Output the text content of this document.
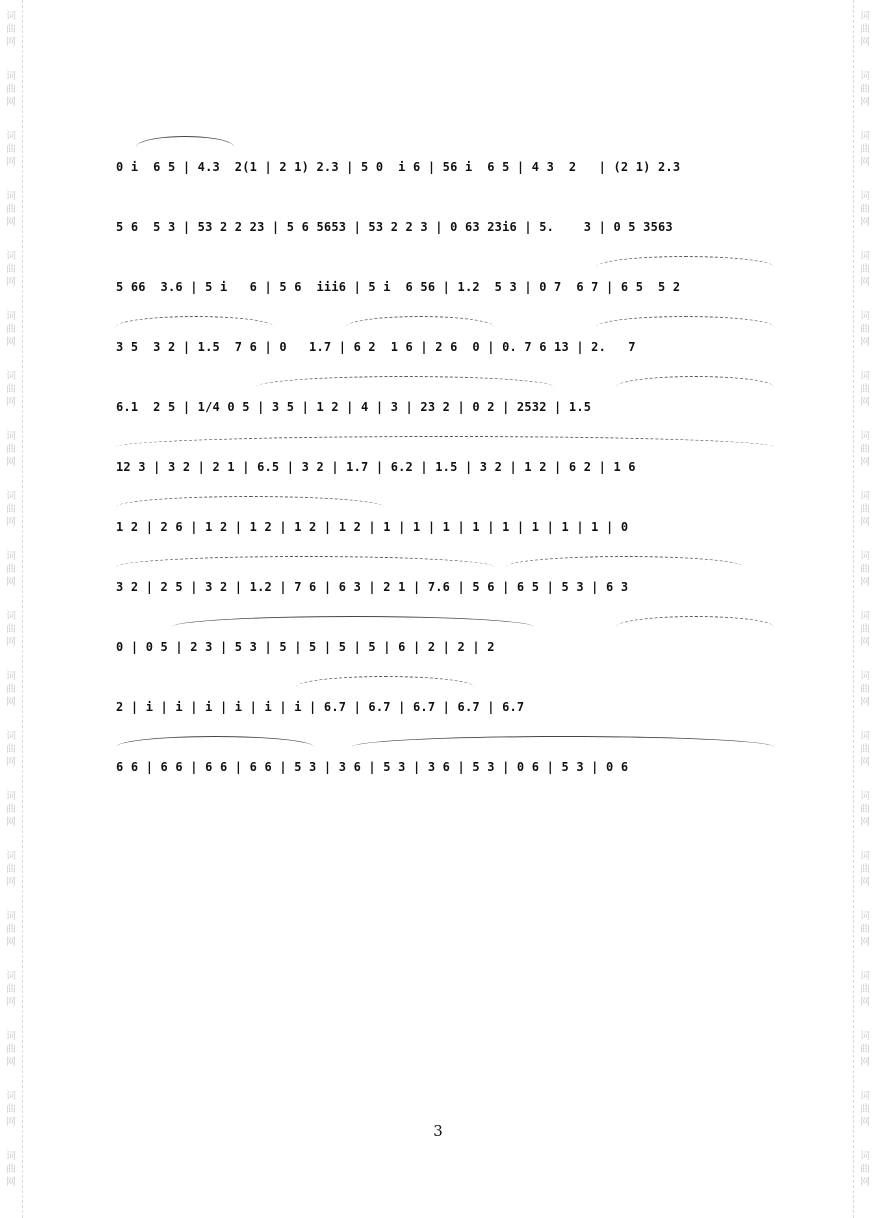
词
曲
网
词
曲
网
词
曲
网
词
曲
网
词
曲
网
词
曲
网
词
曲
网
词
曲
网
词
曲
网
词
曲
网
词
曲
网
词
曲
网
词
曲
网
词
曲
网
词
曲
网
词
曲
网
词
曲
网
词
曲
网
词
曲
网
词
曲
网
词
曲
网
词
曲
网
词
曲
网
词
曲
网
词
曲
网
词
曲
网
词
曲
网
词
曲
网
词
曲
网
词
曲
网
词
曲
网
词
曲
网
词
曲
网
词
曲
网
词
曲
网
词
曲
网
词
曲
网
词
曲
网
词
曲
网
词
曲
网
0 i  6 5 | 4.3  2(1 | 2 1) 2.3 | 5 0  i 6 | 56 i  6 5 | 4 3  2   | (2 1) 2.3
5 6  5 3 | 53 2 2 23 | 5 6 5653 | 53 2 2 3 | 0 63 23i6 | 5.    3 | 0 5 3563
5 66  3.6 | 5 i   6 | 5 6  iii6 | 5 i  6 56 | 1.2  5 3 | 0 7  6 7 | 6 5  5 2
3 5  3 2 | 1.5  7 6 | 0   1.7 | 6 2  1 6 | 2 6  0 | 0. 7 6 13 | 2.   7
6.1  2 5 | 1/4 0 5 | 3 5 | 1 2 | 4 | 3 | 23 2 | 0 2 | 2532 | 1.5
12 3 | 3 2 | 2 1 | 6.5 | 3 2 | 1.7 | 6.2 | 1.5 | 3 2 | 1 2 | 6 2 | 1 6
1 2 | 2 6 | 1 2 | 1 2 | 1 2 | 1 2 | 1 | 1 | 1 | 1 | 1 | 1 | 1 | 1 | 0
3 2 | 2 5 | 3 2 | 1.2 | 7 6 | 6 3 | 2 1 | 7.6 | 5 6 | 6 5 | 5 3 | 6 3
0 | 0 5 | 2 3 | 5 3 | 5 | 5 | 5 | 5 | 6 | 2 | 2 | 2
2 | i | i | i | i | i | i | 6.7 | 6.7 | 6.7 | 6.7 | 6.7
6 6 | 6 6 | 6 6 | 6 6 | 5 3 | 3 6 | 5 3 | 3 6 | 5 3 | 0 6 | 5 3 | 0 6
3
